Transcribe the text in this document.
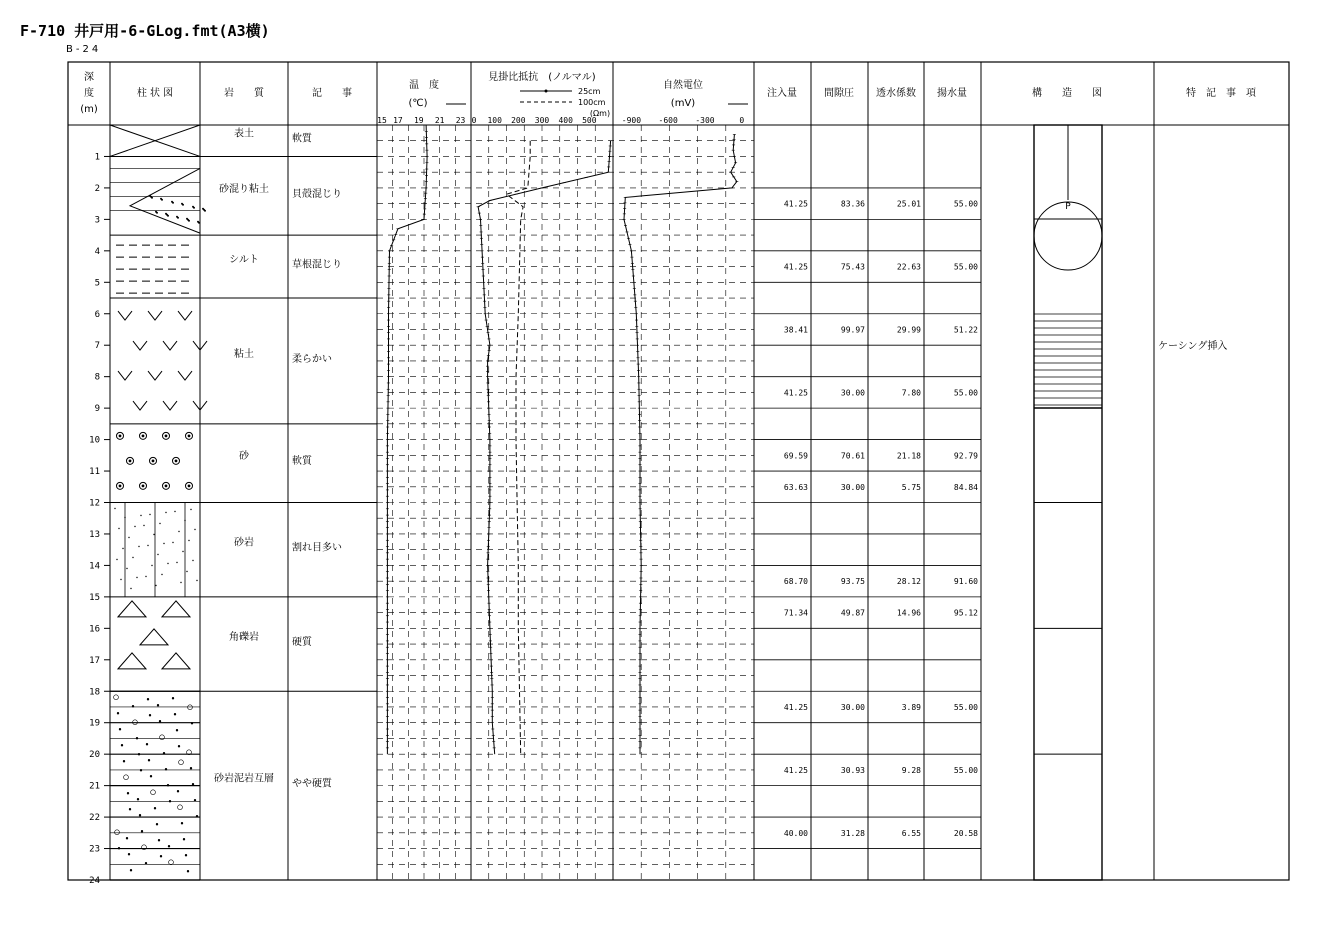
F-710 井戸用-6-GLog.fmt(A3横)
B-24
1
2
3
4
5
6
7
8
9
10
11
12
13
14
15
16
17
18
19
20
21
22
23
24
深
度
(m)
柱 状 図	岩　　質	記　　事
温　度
(℃)
見掛比抵抗　(ノルマル)
25cm
100cm
(Ωm)
自然電位
(mV)
注入量	間隙圧 透水係数 揚水量	構　　造　　図	特　記　事　項
15 17 19 21 23 0 100 200 300 400 500	-900 -600 -300	0
表土	軟質
砂混り粘土 貝殻混じり
シルト	草根混じり
粘土	柔らかい
砂	軟質
砂岩	割れ目多い
角礫岩	硬質
砂岩泥岩互層 やや硬質
41.25	83.36	25.01	55.00
41.25	75.43	22.63	55.00
38.41	99.97	29.99	51.22
41.25	30.00	7.80	55.00
69.59	70.61	21.18	92.79
63.63	30.00	5.75	84.84
68.70	93.75	28.12	91.60
71.34	49.87	14.96	95.12
41.25	30.00	3.89	55.00
41.25	30.93	9.28	55.00
40.00	31.28	6.55	20.58
ケーシング挿入
P
